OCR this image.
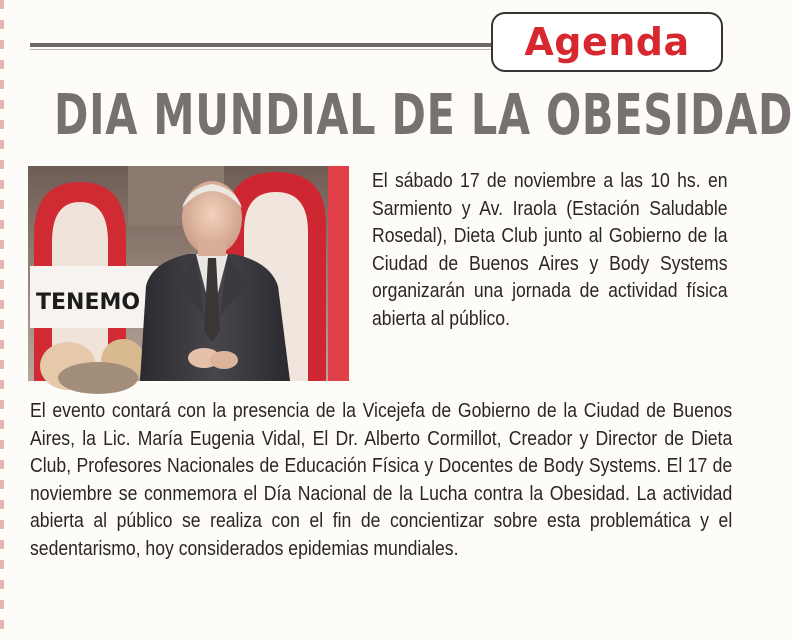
Agenda
DIA MUNDIAL DE LA OBESIDAD
TENEMO
El sábado 17 de noviembre a las 10 hs. en Sarmiento y Av. Iraola (Estación Saludable Rosedal), Dieta Club junto al Gobierno de la Ciudad de Buenos Aires y Body Systems organizarán una jornada de actividad física abierta al público.
El evento contará con la presencia de la Vicejefa de Gobierno de la Ciudad de Buenos Aires, la Lic. María Eugenia Vidal, El Dr. Alberto Cormillot, Creador y Director de Dieta Club, Profesores Nacionales de Educación Física y Docentes de Body Systems. El 17 de noviembre se conmemora el Día Nacional de la Lucha contra la Obesidad. La actividad abierta al público se realiza con el fin de concientizar sobre esta problemática y el sedentarismo, hoy considerados epidemias mundiales.
